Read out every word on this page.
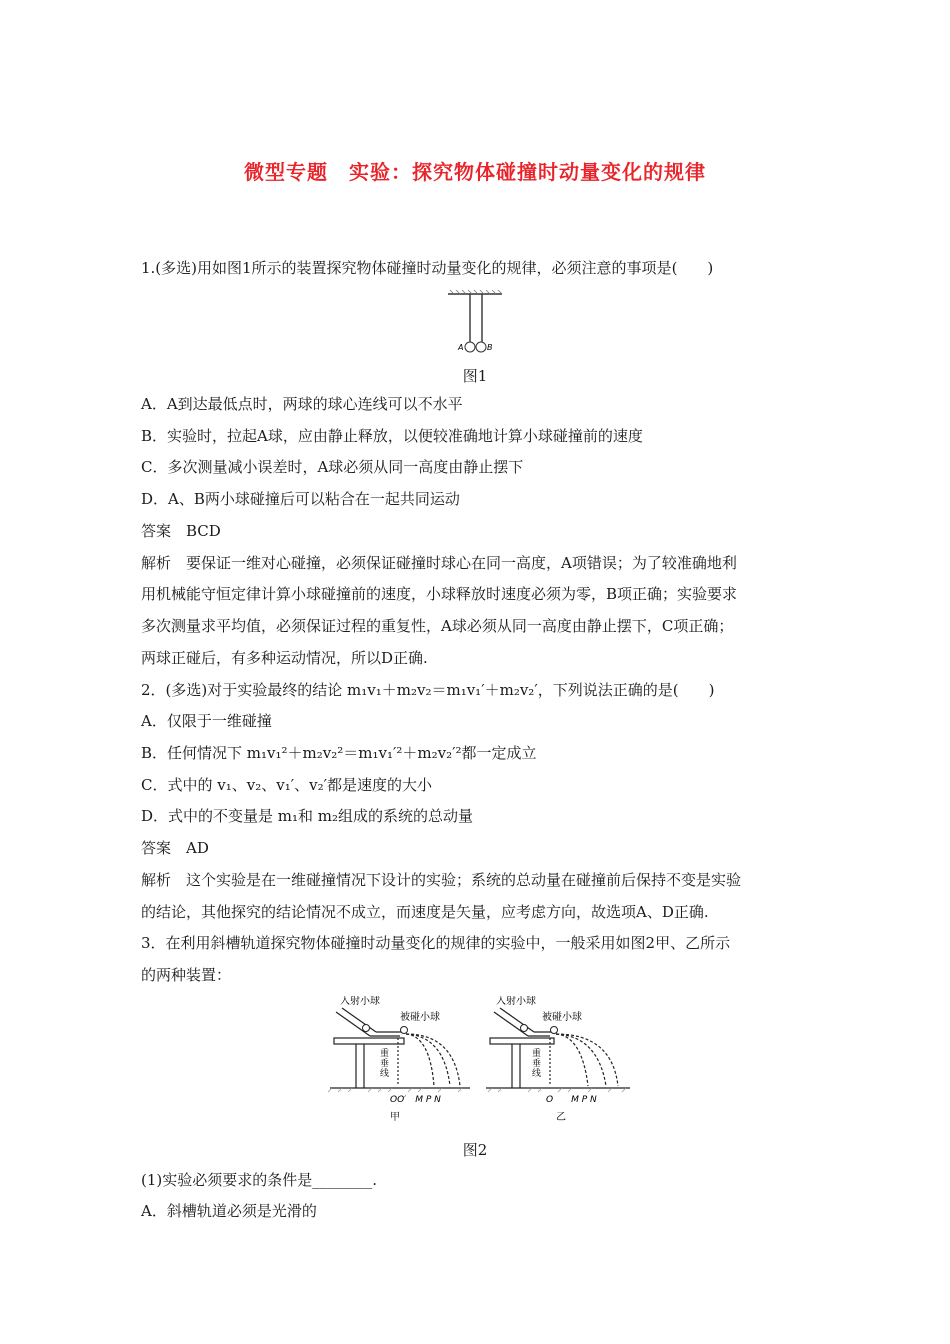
微型专题　实验：探究物体碰撞时动量变化的规律
1.(多选)用如图1所示的装置探究物体碰撞时动量变化的规律，必须注意的事项是(　　)
A	B
图1
A．A到达最低点时，两球的球心连线可以不水平
B．实验时，拉起A球，应由静止释放，以便较准确地计算小球碰撞前的速度
C．多次测量减小误差时，A球必须从同一高度由静止摆下
D．A、B两小球碰撞后可以粘合在一起共同运动
答案　BCD
解析　要保证一维对心碰撞，必须保证碰撞时球心在同一高度，A项错误；为了较准确地利
用机械能守恒定律计算小球碰撞前的速度，小球释放时速度必须为零，B项正确；实验要求
多次测量求平均值，必须保证过程的重复性，A球必须从同一高度由静止摆下，C项正确；
两球正碰后，有多种运动情况，所以D正确.
2．(多选)对于实验最终的结论 m₁v₁＋m₂v₂＝m₁v₁′＋m₂v₂′，下列说法正确的是(　　)
A．仅限于一维碰撞
B．任何情况下 m₁v₁²＋m₂v₂²＝m₁v₁′²＋m₂v₂′²都一定成立
C．式中的 v₁、v₂、v₁′、v₂′都是速度的大小
D．式中的不变量是 m₁和 m₂组成的系统的总动量
答案　AD
解析　这个实验是在一维碰撞情况下设计的实验；系统的总动量在碰撞前后保持不变是实验
的结论，其他探究的结论情况不成立，而速度是矢量，应考虑方向，故选项A、D正确.
3．在利用斜槽轨道探究物体碰撞时动量变化的规律的实验中，一般采用如图2甲、乙所示
的两种装置：
入射小球
被碰小球
重
垂
线
OO′　M P N
甲
入射小球
被碰小球
重
垂
线
O　　M P N
乙
图2
(1)实验必须要求的条件是________.
A．斜槽轨道必须是光滑的
